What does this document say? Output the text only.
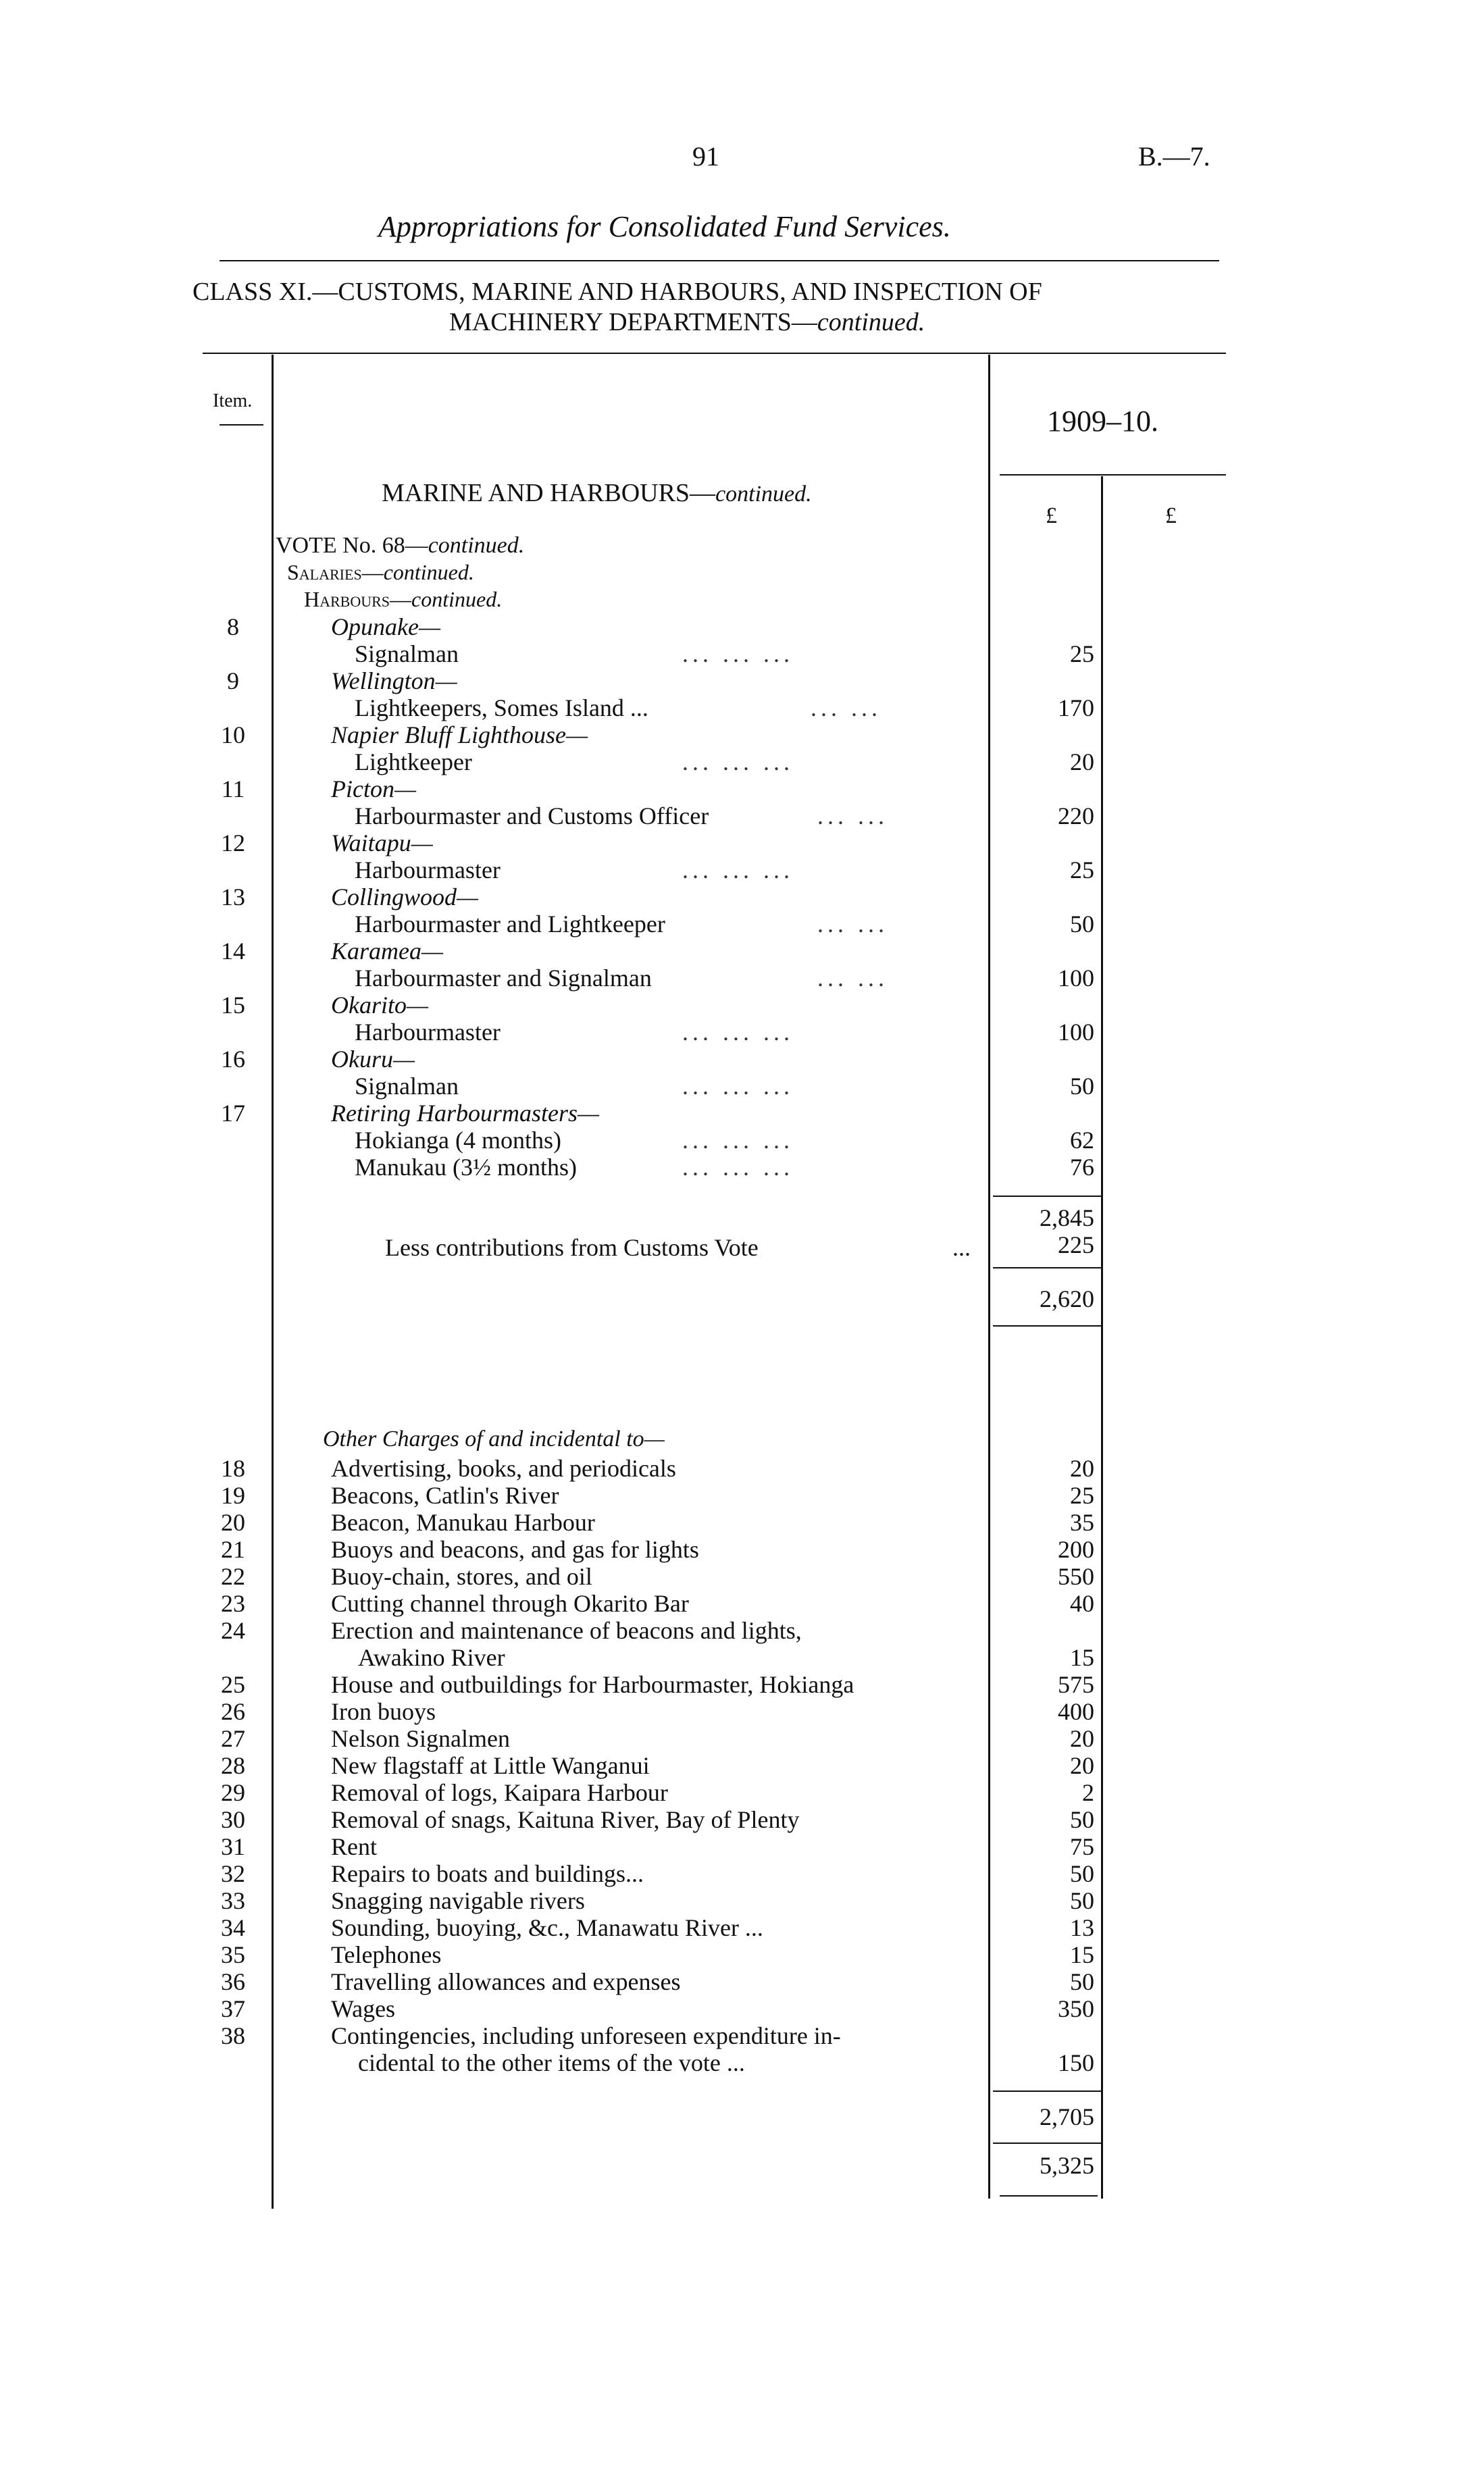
91	B.—7.
Appropriations for Consolidated Fund Services.
CLASS XI.—CUSTOMS, MARINE AND HARBOURS, AND INSPECTION OF
MACHINERY DEPARTMENTS—continued.
Item.
1909–10.
£	£
MARINE AND HARBOURS—continued.
VOTE No. 68—continued.
Salaries—continued.
Harbours—continued.
8	Opunake—
Signalman	... ... ...	25
9	Wellington—
Lightkeepers, Somes Island ...	... ...	170
10	Napier Bluff Lighthouse—
Lightkeeper	... ... ...	20
11	Picton—
Harbourmaster and Customs Officer	... ...	220
12	Waitapu—
Harbourmaster	... ... ...	25
13	Collingwood—
Harbourmaster and Lightkeeper	... ...	50
14	Karamea—
Harbourmaster and Signalman	... ...	100
15	Okarito—
Harbourmaster	... ... ...	100
16	Okuru—
Signalman	... ... ...	50
17	Retiring Harbourmasters—
Hokianga (4 months)	... ... ...	62
Manukau (3½ months)	... ... ...	76
2,845
Less contributions from Customs Vote	...	225
2,620
Other Charges of and incidental to—
18	Advertising, books, and periodicals	20
19	Beacons, Catlin's River	25
20	Beacon, Manukau Harbour	35
21	Buoys and beacons, and gas for lights	200
22	Buoy-chain, stores, and oil	550
23	Cutting channel through Okarito Bar	40
24	Erection and maintenance of beacons and lights,
Awakino River	15
25	House and outbuildings for Harbourmaster, Hokianga	575
26	Iron buoys	400
27	Nelson Signalmen	20
28	New flagstaff at Little Wanganui	20
29	Removal of logs, Kaipara Harbour	2
30	Removal of snags, Kaituna River, Bay of Plenty	50
31	Rent	75
32	Repairs to boats and buildings...	50
33	Snagging navigable rivers	50
34	Sounding, buoying, &c., Manawatu River ...	13
35	Telephones	15
36	Travelling allowances and expenses	50
37	Wages	350
38	Contingencies, including unforeseen expenditure in-
cidental to the other items of the vote ...	150
2,705
5,325
